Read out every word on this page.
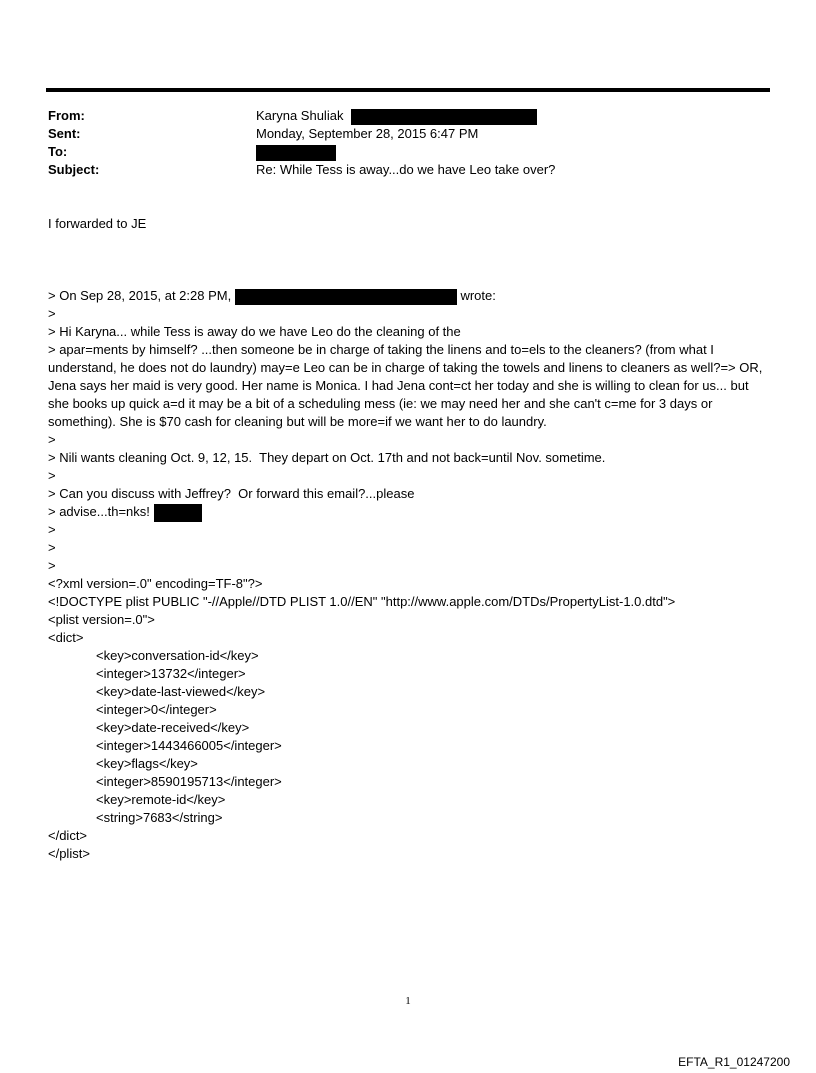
From:	Karyna Shuliak
Sent:	Monday, September 28, 2015 6:47 PM
To:
Subject:	Re: While Tess is away...do we have Leo take over?
I forwarded to JE
> On Sep 28, 2015, at 2:28 PM,	wrote:
>
> Hi Karyna... while Tess is away do we have Leo do the cleaning of the
> apar=ments by himself? ...then someone be in charge of taking the linens and to=els to the cleaners? (from what I understand, he does not do laundry) may=e Leo can be in charge of taking the towels and linens to cleaners as well?=> OR, Jena says her maid is very good. Her name is Monica. I had Jena cont=ct her today and she is willing to clean for us... but she books up quick a=d it may be a bit of a scheduling mess (ie: we may need her and she can't c=me for 3 days or something). She is $70 cash for cleaning but will be more=if we want her to do laundry.
>
> Nili wants cleaning Oct. 9, 12, 15.  They depart on Oct. 17th and not back=until Nov. sometime.
>
> Can you discuss with Jeffrey?  Or forward this email?...please
> advise...th=nks!
>
>
>
<?xml version=.0" encoding=TF-8"?>
<!DOCTYPE plist PUBLIC "-//Apple//DTD PLIST 1.0//EN" "http://www.apple.com/DTDs/PropertyList-1.0.dtd">
<plist version=.0">
<dict>
<key>conversation-id</key>
<integer>13732</integer>
<key>date-last-viewed</key>
<integer>0</integer>
<key>date-received</key>
<integer>1443466005</integer>
<key>flags</key>
<integer>8590195713</integer>
<key>remote-id</key>
<string>7683</string>
</dict>
</plist>
1
EFTA_R1_01247200
